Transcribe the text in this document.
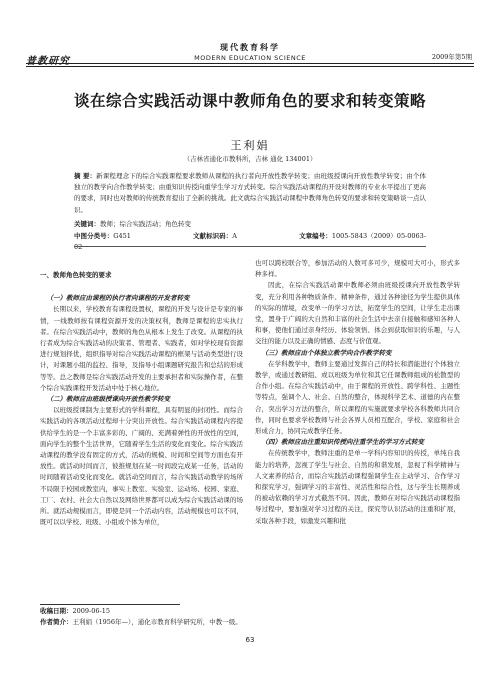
普教研究
现代教育科学
MODERN EDUCATION SCIENCE	2009年第5期
谈在综合实践活动课中教师角色的要求和转变策略
王利娟
（吉林省通化市教科所，吉林 通化 134001）
摘 要：新课程理念下的综合实践课程要求教师从课程的执行者向开放性教学转变；由班级授课向开放性教学转变；由个体独立的教学向合作教学转变；由重知识传授向重学生学习方式转变。综合实践活动课程的开设对教师的专业水平提出了更高的要求，同时也对教师的传统教育提出了全新的挑战。此文就综合实践活动课程中教师角色转变的要求和转变策略谈一点认识。
关键词：教师；综合实践活动；角色转变
中图分类号：G451	文献标识码：A	文章编号：1005-5843（2009）05-0063-02

一、教师角色转变的要求

（一）教师应由课程的执行者向课程的开发者转变

长期以来，学校教育有课程设置权，课程的开发与设计是专家的事情，一线教师按有课程资源开发的决策权利，教师是课程的忠实执行者。在综合实践活动中，教师的角色从根本上发生了改变。从课程的执行者成为综合实践活动的决策者、管理者、实践者，如对学校现有资源进行规划择优，组织指导对综合实践活动课程的框架与活动类型进行设计，对课题小组的监控、指导，及指导小组课题研究报告和总结的形成等等。总之教师是综合实践活动开发的主要承担者和实际操作者，在整个综合实践课程开发活动中处于核心地位。

（二）教师应由班级授课向开放性教学转变

以班级授课制为主要形式的学科课程，具有明显的封闭性。而综合实践活动的各项活动过程却十分突出开放性。综合实践活动课程内容提供给学生的是一个丰富多彩的、广阔的、充满着弹性的开放性的空间，面向学生的整个生活世界，它随着学生生活的变化而变化。综合实践活动课程的教学没有固定的方式，活动的规模、时间和空间等方面也有开放性。就活动时间而言，彼推规划在某一时间段完成某一任务，活动的时间随着活动变化而变化。就活动空间而言，综合实践活动教学的场所不局限于校园或教室内，事实上教室、实验室、运动场、校园、家庭、工厂、农村、社会大自然以及网络世界都可以成为综合实践活动课的场所。就活动规模而言，即使是同一个活动内容，活动规模也可以不同，既可以以学校、班级、小组或个体为单位，

也可以跨校联合等，参加活动的人数可多可少，规模可大可小，形式多种多样。

因此，在综合实践活动课中教师必须由班级授课向开放性教学转变，充分利用各种物质条件、精神条件，通过各种途径为学生提供具体的实际的情境，改变单一的学习方法，拓宽学生的空间，让学生走出课堂，置身于广阔的大自然和丰富的社会生活中去亲自接触和感知各种人和事，使他们通过亲身经历、体验领悟、体会到获取知识的乐趣，与人交往的能力以及正确的情感、态度与价值观。

（三）教师应由个体独立教学向合作教学转变

在学科教学中，教师主要通过发挥自己的特长和潜能进行个体独立教学，或通过教研组、或以班级为单位和其它任课教师组成的松散型的合作小组。在综合实践活动中，由于课程的开放性、跨学科性、主题性等特点，强调个人、社会、自然的整合，体现科学艺术、道德的内在整合，突出学习方法的整合，所以课程的实施就要求学校各科教师共同合作，同时也要求学校教师与社会各界人员相互配合，学校、家庭和社会形成合力，协同完成教学任务。

（四）教师应由注重知识传授向注重学生的学习方式转变

在传统教学中，教师注重的是单一学科内容知识的传授，单纯自我能力的培养，忽视了学生与社会、自然的和谐发展，忽视了科学精神与人文素养的结合，而综合实践活动课程强调学生在主动学习、合作学习和探究学习，强调学习的丰富性、灵活性和综合性，这与学生长期养成的被动依赖的学习方式截然不同。因此，教师在对综合实践活动课程指导过程中，要加强对学习过程的关注，探究等认识活动的注重和扩展，采取各种手段，如激发兴趣和批

收稿日期：2009-06-15
作者简介：王利娟（1956年—），通化市教育科学研究所，中教一级。
63
